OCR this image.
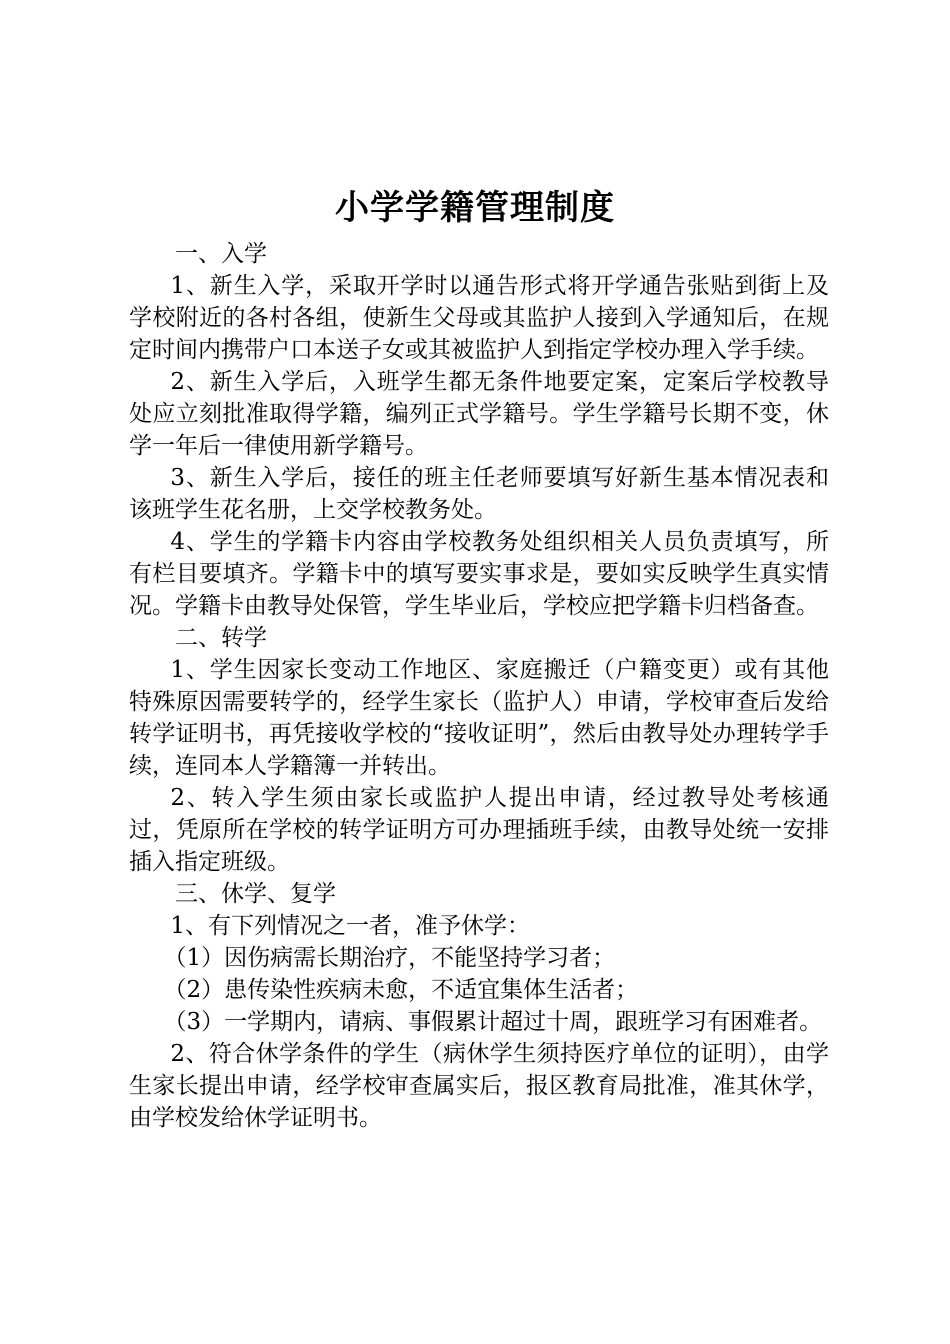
小学学籍管理制度

一、入学

1、新生入学，采取开学时以通告形式将开学通告张贴到街上及学校附近的各村各组，使新生父母或其监护人接到入学通知后，在规定时间内携带户口本送子女或其被监护人到指定学校办理入学手续。

2、新生入学后，入班学生都无条件地要定案，定案后学校教导处应立刻批准取得学籍，编列正式学籍号。学生学籍号长期不变，休学一年后一律使用新学籍号。

3、新生入学后，接任的班主任老师要填写好新生基本情况表和该班学生花名册，上交学校教务处。

4、学生的学籍卡内容由学校教务处组织相关人员负责填写，所有栏目要填齐。学籍卡中的填写要实事求是，要如实反映学生真实情况。学籍卡由教导处保管，学生毕业后，学校应把学籍卡归档备查。

二、转学

1、学生因家长变动工作地区、家庭搬迁（户籍变更）或有其他特殊原因需要转学的，经学生家长（监护人）申请，学校审查后发给转学证明书，再凭接收学校的“接收证明”，然后由教导处办理转学手续，连同本人学籍簿一并转出。

2、转入学生须由家长或监护人提出申请，经过教导处考核通过，凭原所在学校的转学证明方可办理插班手续，由教导处统一安排插入指定班级。

三、休学、复学

1、有下列情况之一者，准予休学：

（1）因伤病需长期治疗，不能坚持学习者；

（2）患传染性疾病未愈，不适宜集体生活者；

（3）一学期内，请病、事假累计超过十周，跟班学习有困难者。

2、符合休学条件的学生（病休学生须持医疗单位的证明），由学生家长提出申请，经学校审查属实后，报区教育局批准，准其休学，由学校发给休学证明书。
